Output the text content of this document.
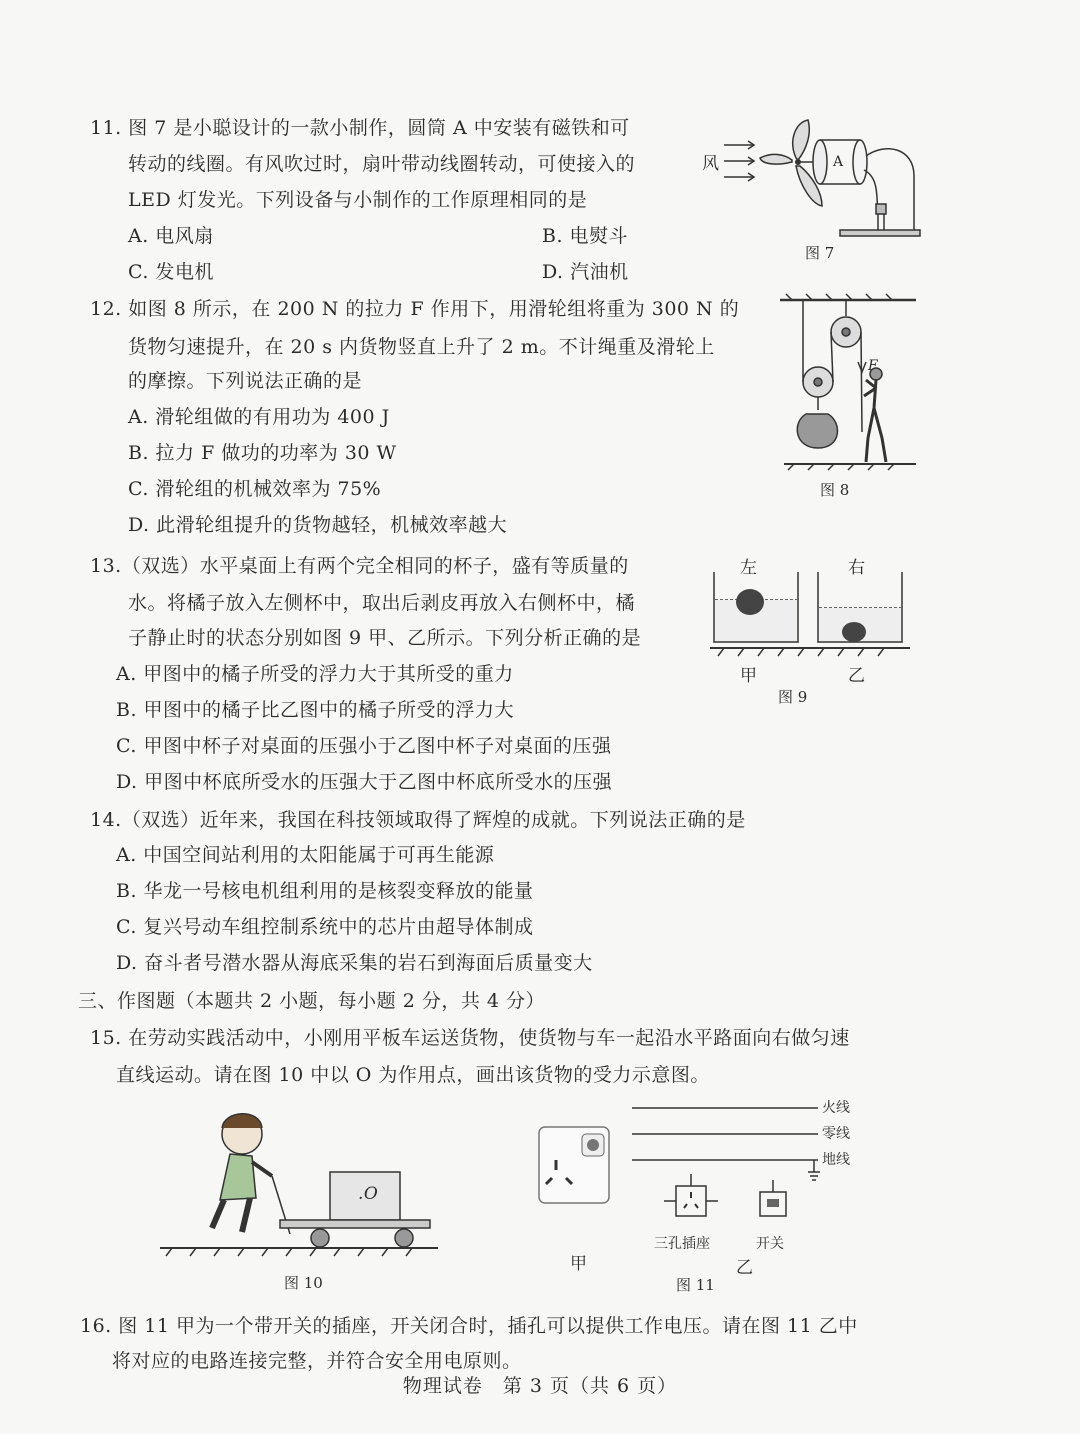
11. 图 7 是小聪设计的一款小制作，圆筒 A 中安装有磁铁和可
转动的线圈。有风吹过时，扇叶带动线圈转动，可使接入的
LED 灯发光。下列设备与小制作的工作原理相同的是
A. 电风扇	B. 电熨斗
C. 发电机	D. 汽油机
风	A
图 7
12. 如图 8 所示，在 200 N 的拉力 F 作用下，用滑轮组将重为 300 N 的
货物匀速提升，在 20 s 内货物竖直上升了 2 m。不计绳重及滑轮上
的摩擦。下列说法正确的是
A. 滑轮组做的有用功为 400 J
B. 拉力 F 做功的功率为 30 W
C. 滑轮组的机械效率为 75%
D. 此滑轮组提升的货物越轻，机械效率越大
F
图 8
13.（双选）水平桌面上有两个完全相同的杯子，盛有等质量的
水。将橘子放入左侧杯中，取出后剥皮再放入右侧杯中，橘
子静止时的状态分别如图 9 甲、乙所示。下列分析正确的是
A. 甲图中的橘子所受的浮力大于其所受的重力
B. 甲图中的橘子比乙图中的橘子所受的浮力大
C. 甲图中杯子对桌面的压强小于乙图中杯子对桌面的压强
D. 甲图中杯底所受水的压强大于乙图中杯底所受水的压强
左	右
甲	乙
图 9
14.（双选）近年来，我国在科技领域取得了辉煌的成就。下列说法正确的是
A. 中国空间站利用的太阳能属于可再生能源
B. 华龙一号核电机组利用的是核裂变释放的能量
C. 复兴号动车组控制系统中的芯片由超导体制成
D. 奋斗者号潜水器从海底采集的岩石到海面后质量变大
三、作图题（本题共 2 小题，每小题 2 分，共 4 分）
15. 在劳动实践活动中，小刚用平板车运送货物，使货物与车一起沿水平路面向右做匀速
直线运动。请在图 10 中以 O 为作用点，画出该货物的受力示意图。
.O
图 10
火线
零线
地线
三孔插座	开关
甲	乙
图 11
16. 图 11 甲为一个带开关的插座，开关闭合时，插孔可以提供工作电压。请在图 11 乙中
将对应的电路连接完整，并符合安全用电原则。
物理试卷　第 3 页（共 6 页）
